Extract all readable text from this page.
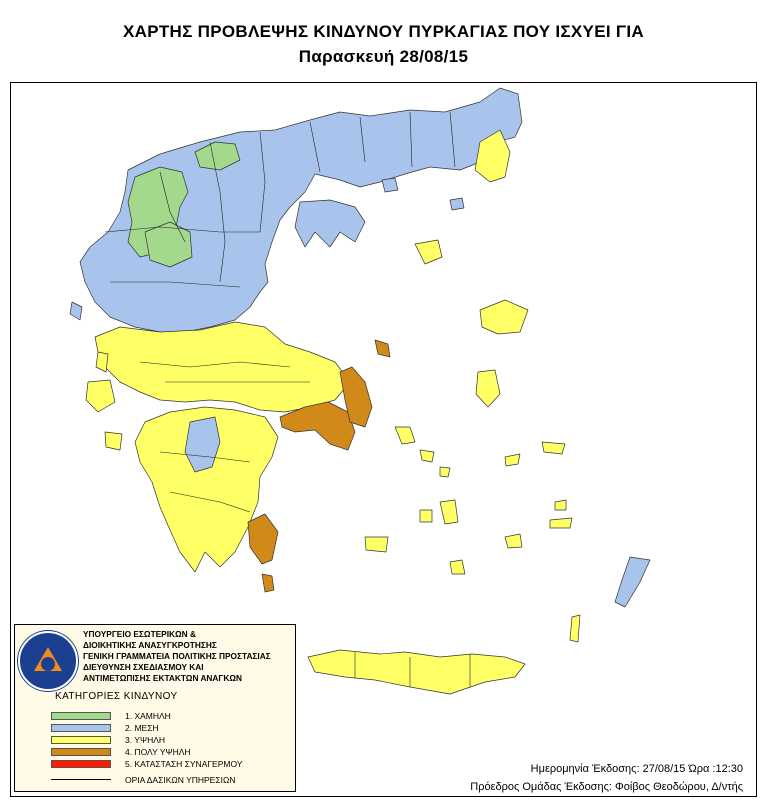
ΧΑΡΤΗΣ ΠΡΟΒΛΕΨΗΣ ΚΙΝΔΥΝΟΥ ΠΥΡΚΑΓΙΑΣ ΠΟΥ ΙΣΧΥΕΙ ΓΙΑ
Παρασκευή 28/08/15
ΥΠΟΥΡΓΕΙΟ ΕΣΩΤΕΡΙΚΩΝ &
ΔΙΟΙΚΗΤΙΚΗΣ ΑΝΑΣΥΓΚΡΟΤΗΣΗΣ
ΓΕΝΙΚΗ ΓΡΑΜΜΑΤΕΙΑ ΠΟΛΙΤΙΚΗΣ ΠΡΟΣΤΑΣΙΑΣ
ΔΙΕΥΘΥΝΣΗ ΣΧΕΔΙΑΣΜΟΥ ΚΑΙ
ΑΝΤΙΜΕΤΩΠΙΣΗΣ ΕΚΤΑΚΤΩΝ ΑΝΑΓΚΩΝ
ΚΑΤΗΓΟΡΙΕΣ ΚΙΝΔΥΝΟΥ
1. ΧΑΜΗΛΗ
2. ΜΕΣΗ
3. ΥΨΗΛΗ
4. ΠΟΛΥ ΥΨΗΛΗ
5. ΚΑΤΑΣΤΑΣΗ ΣΥΝΑΓΕΡΜΟΥ
ΟΡΙΑ ΔΑΣΙΚΩΝ ΥΠΗΡΕΣΙΩΝ
Ημερομηνία Έκδοσης: 27/08/15 Ώρα :12:30
Πρόεδρος Ομάδας Έκδοσης: Φοίβος Θεοδώρου, Δ/ντής
